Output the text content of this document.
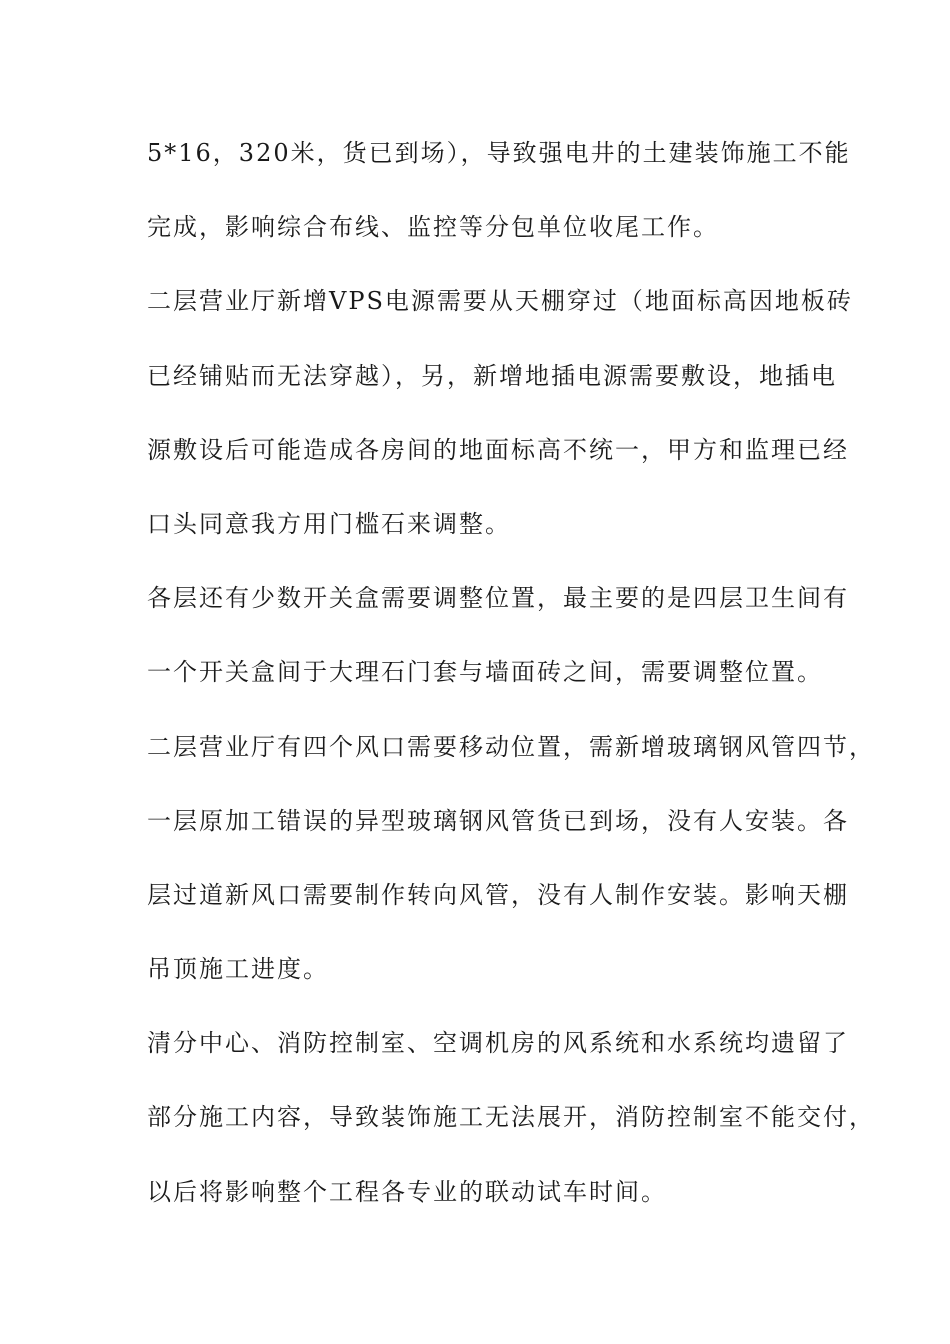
5*16，320米，货已到场），导致强电井的土建装饰施工不能
完成，影响综合布线、监控等分包单位收尾工作。
二层营业厅新增VPS电源需要从天棚穿过（地面标高因地板砖
已经铺贴而无法穿越），另，新增地插电源需要敷设，地插电
源敷设后可能造成各房间的地面标高不统一，甲方和监理已经
口头同意我方用门槛石来调整。
各层还有少数开关盒需要调整位置，最主要的是四层卫生间有
一个开关盒间于大理石门套与墙面砖之间，需要调整位置。
二层营业厅有四个风口需要移动位置，需新增玻璃钢风管四节，
一层原加工错误的异型玻璃钢风管货已到场，没有人安装。各
层过道新风口需要制作转向风管，没有人制作安装。影响天棚
吊顶施工进度。
清分中心、消防控制室、空调机房的风系统和水系统均遗留了
部分施工内容，导致装饰施工无法展开，消防控制室不能交付，
以后将影响整个工程各专业的联动试车时间。
